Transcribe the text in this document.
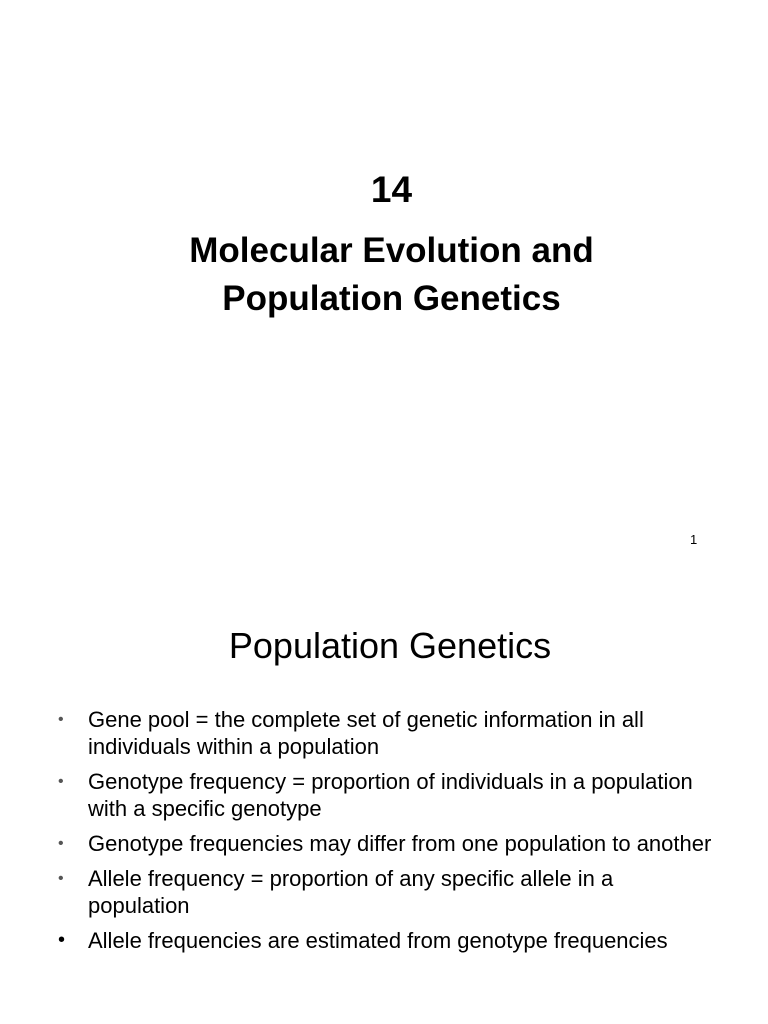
14
Molecular Evolution and
Population Genetics
1
Population Genetics
• Gene pool = the complete set of genetic information in all individuals within a population
• Genotype frequency = proportion of individuals in a population with a specific genotype
• Genotype frequencies may differ from one population to another
• Allele frequency = proportion of any specific allele in a population
• Allele frequencies are estimated from genotype frequencies
